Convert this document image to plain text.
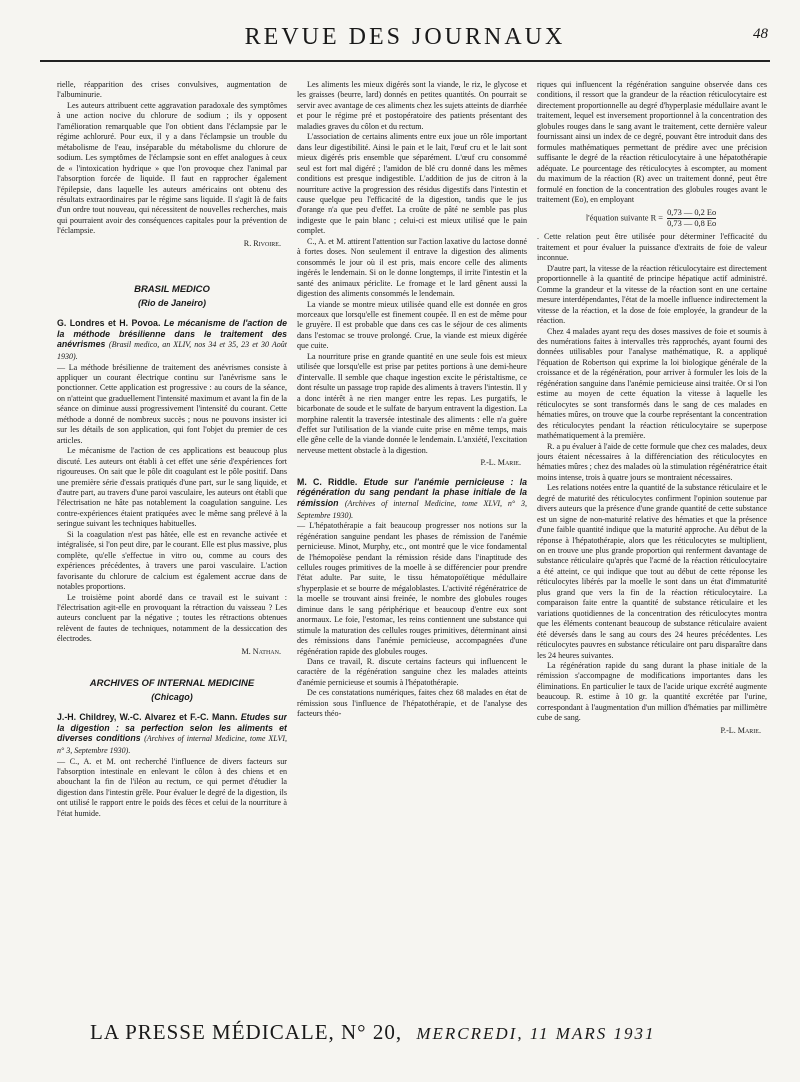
REVUE DES JOURNAUX	48

rielle, réapparition des crises convulsives, augmentation de l'albuminurie.

Les auteurs attribuent cette aggravation paradoxale des symptômes à une action nocive du chlorure de sodium ; ils y opposent l'amélioration remarquable que l'on obtient dans l'éclampsie par le régime achloruré. Pour eux, il y a dans l'éclampsie un trouble du métabolisme de l'eau, inséparable du métabolisme du chlorure de sodium. Les symptômes de l'éclampsie sont en effet analogues à ceux de « l'intoxication hydrique » que l'on provoque chez l'animal par l'absorption forcée de liquide. Il faut en rapprocher également l'épilepsie, dans laquelle les auteurs américains ont obtenu des résultats extraordinaires par le régime sans liquide. Il s'agit là de faits d'un ordre tout nouveau, qui nécessitent de nouvelles recherches, mais qui pourraient avoir des conséquences capitales pour la prévention de l'éclampsie.

R. Rivoire.
BRASIL MEDICO
(Rio de Janeiro)
G. Londres et H. Povoa. Le mécanisme de l'action de la méthode brésilienne dans le traitement des anévrismes (Brasil medico, an XLIV, nos 34 et 35, 23 et 30 Août 1930).

— La méthode brésilienne de traitement des anévrismes consiste à appliquer un courant électrique continu sur l'anévrisme sans le ponctionner. Cette application est progressive : au cours de la séance, on n'atteint que graduellement l'intensité maximum et avant la fin de la séance on diminue aussi progressivement l'intensité du courant. Cette méthode a donné de nombreux succès ; nous ne pouvons insister ici sur les détails de son application, qui font l'objet du premier de ces articles.

Le mécanisme de l'action de ces applications est beaucoup plus discuté. Les auteurs ont établi à cet effet une série d'expériences fort rigoureuses. On sait que le pôle dit coagulant est le pôle positif. Dans une première série d'essais pratiqués d'une part, sur le sang liquide, et d'autre part, au travers d'une paroi vasculaire, les auteurs ont établi que l'électrisation ne hâte pas notablement la coagulation sanguine. Les contre-expériences étaient pratiquées avec le même sang prélevé à la seringue suivant les techniques habituelles.

Si la coagulation n'est pas hâtée, elle est en revanche activée et intégralisée, si l'on peut dire, par le courant. Elle est plus massive, plus complète, qu'elle s'effectue in vitro ou, comme au cours des expériences précédentes, à travers une paroi vasculaire. L'action favorisante du chlorure de calcium est également accrue dans de notables proportions.

Le troisième point abordé dans ce travail est le suivant : l'électrisation agit-elle en provoquant la rétraction du vaisseau ? Les auteurs concluent par la négative ; toutes les rétractions obtenues relèvent de fautes de techniques, notamment de la dessiccation des électrodes.

M. Nathan.
ARCHIVES OF INTERNAL MEDICINE
(Chicago)
J.-H. Childrey, W.-C. Alvarez et F.-C. Mann. Etudes sur la digestion : sa perfection selon les aliments et diverses conditions (Archives of internal Medicine, tome XLVI, n° 3, Septembre 1930).

— C., A. et M. ont recherché l'influence de divers facteurs sur l'absorption intestinale en enlevant le côlon à des chiens et en abouchant la fin de l'iléon au rectum, ce qui permet d'étudier la digestion dans l'intestin grêle. Pour évaluer le degré de la digestion, ils ont utilisé le rapport entre le poids des fèces et celui de la nourriture à l'état humide.

Les aliments les mieux digérés sont la viande, le riz, le glycose et les graisses (beurre, lard) donnés en petites quantités. On pourrait se servir avec avantage de ces aliments chez les sujets atteints de diarrhée et pour le régime pré et postopératoire des patients présentant des maladies graves du côlon et du rectum.

L'association de certains aliments entre eux joue un rôle important dans leur digestibilité. Ainsi le pain et le lait, l'œuf cru et le lait sont mieux digérés pris ensemble que séparément. L'œuf cru consommé seul est fort mal digéré ; l'amidon de blé cru donné dans les mêmes conditions est presque indigestible. L'addition de jus de citron à la nourriture active la progression des résidus digestifs dans l'intestin et cause quelque peu l'efficacité de la digestion, tandis que le jus d'orange n'a que peu d'effet. La croûte de pâté ne semble pas plus indigeste que le pain blanc ; celui-ci est mieux utilisé que le pain complet.

C., A. et M. attirent l'attention sur l'action laxative du lactose donné à fortes doses. Non seulement il entrave la digestion des aliments consommés le jour où il est pris, mais encore celle des aliments ingérés le lendemain. Si on le donne longtemps, il irrite l'intestin et la santé des animaux périclite. Le fromage et le lard gênent aussi la digestion des aliments consommés le lendemain.

La viande se montre mieux utilisée quand elle est donnée en gros morceaux que lorsqu'elle est finement coupée. Il en est de même pour le gruyère. Il est probable que dans ces cas le séjour de ces aliments dans l'estomac se trouve prolongé. Crue, la viande est mieux digérée que cuite.

La nourriture prise en grande quantité en une seule fois est mieux utilisée que lorsqu'elle est prise par petites portions à une demi-heure d'intervalle. Il semble que chaque ingestion excite le péristaltisme, ce dont résulte un passage trop rapide des aliments à travers l'intestin. Il y a donc intérêt à ne rien manger entre les repas. Les purgatifs, le bicarbonate de soude et le sulfate de baryum entravent la digestion. La morphine ralentit la traversée intestinale des aliments : elle n'a guère d'effet sur l'utilisation de la viande cuite prise en même temps, mais elle gêne celle de la viande donnée le lendemain. L'anxiété, l'excitation nerveuse mettent obstacle à la digestion.

P.-L. Marie.
M. C. Riddle. Etude sur l'anémie pernicieuse : la régénération du sang pendant la phase initiale de la rémission (Archives of internal Medicine, tome XLVI, n° 3, Septembre 1930).

— L'hépatothérapie a fait beaucoup progresser nos notions sur la régénération sanguine pendant les phases de rémission de l'anémie pernicieuse. Minot, Murphy, etc., ont montré que le vice fondamental de l'hémopoïèse pendant la rémission réside dans l'inaptitude des cellules rouges primitives de la moelle à se différencier pour prendre l'état adulte. Par suite, le tissu hématopoïétique médullaire s'hyperplasie et se bourre de mégaloblastes. L'activité régénératrice de la moelle se trouvant ainsi freinée, le nombre des globules rouges diminue dans le sang périphérique et beaucoup d'entre eux sont anormaux. Le foie, l'estomac, les reins contiennent une substance qui stimule la maturation des cellules rouges primitives, déterminant ainsi des rémissions dans l'anémie pernicieuse, accompagnées d'une régénération rapide des globules rouges.

Dans ce travail, R. discute certains facteurs qui influencent le caractère de la régénération sanguine chez les malades atteints d'anémie pernicieuse et soumis à l'hépatothérapie.

De ces constatations numériques, faites chez 68 malades en état de rémission sous l'influence de l'hépatothérapie, et de l'analyse des facteurs théo-

riques qui influencent la régénération sanguine observée dans ces conditions, il ressort que la grandeur de la réaction réticulocytaire est directement proportionnelle au degré d'hyperplasie médullaire avant le traitement, lequel est inversement proportionnel à la concentration des globules rouges dans le sang avant le traitement, cette dernière valeur fournissant ainsi un index de ce degré, pouvant être introduit dans des formules mathématiques permettant de prédire avec une précision suffisante le degré de la réaction réticulocytaire à une hépatothérapie adéquate. Le pourcentage des réticulocytes à escompter, au moment du maximum de la réaction (R) avec un traitement donné, peut être formulé en fonction de la concentration des globules rouges avant le traitement (Eo), en employant

l'équation suivante $R = \frac{0,73 — 0,2 Eo}{0,73 — 0,8 Eo}$

. Cette relation peut être utilisée pour déterminer l'efficacité du traitement et pour évaluer la puissance d'extraits de foie de valeur inconnue.

D'autre part, la vitesse de la réaction réticulocytaire est directement proportionnelle à la quantité de principe hépatique actif administré. Comme la grandeur et la vitesse de la réaction sont en une certaine mesure interdépendantes, l'état de la moelle influence indirectement la vitesse de la réaction, et la dose de foie employée, la grandeur de la réaction.

Chez 4 malades ayant reçu des doses massives de foie et soumis à des numérations faites à intervalles très rapprochés, ayant fourni des données utilisables pour l'analyse mathématique, R. a appliqué l'équation de Robertson qui exprime la loi biologique générale de la croissance et de la régénération, pour arriver à formuler les lois de la régénération sanguine dans l'anémie pernicieuse ainsi traitée. Or si l'on estime au moyen de cette équation la vitesse à laquelle les réticulocytes se sont transformés dans le sang de ces malades en hématies mûres, on trouve que la courbe représentant la concentration des réticulocytes pendant la réaction réticulocytaire se superpose mathématiquement à la première.

R. a pu évaluer à l'aide de cette formule que chez ces malades, deux jours étaient nécessaires à la différenciation des réticulocytes en hématies mûres ; chez des malades où la stimulation régénératrice était moins intense, trois à quatre jours se montraient nécessaires.

Les relations notées entre la quantité de la substance réticulaire et le degré de maturité des réticulocytes confirment l'opinion soutenue par divers auteurs que la présence d'une grande quantité de cette substance est un signe de non-maturité relative des hématies et que la présence d'une faible quantité indique que la maturité approche. Au début de la réponse à l'hépatothérapie, alors que les réticulocytes se multiplient, on en trouve une plus grande proportion qui renferment davantage de substance réticulaire qu'après que l'acmé de la réaction réticulocytaire a été atteint, ce qui indique que tout au début de cette réponse les réticulocytes libérés par la moelle le sont dans un état d'immaturité plus grand que vers la fin de la réaction réticulocytaire. La comparaison faite entre la quantité de substance réticulaire et les variations quotidiennes de la concentration des réticulocytes montra que les éléments contenant beaucoup de substance réticulaire avaient été déversés dans le sang au cours des 24 heures précédentes. Les réticulocytes pauvres en substance réticulaire ont paru disparaître dans les 24 heures suivantes.

La régénération rapide du sang durant la phase initiale de la rémission s'accompagne de modifications importantes dans les éliminations. En particulier le taux de l'acide urique excrété augmente beaucoup. R. estime à 10 gr. la quantité excrétée par l'urine, correspondant à l'augmentation d'un million d'hématies par millimètre cube de sang.

P.-L. Marie.
LA PRESSE MÉDICALE, N° 20, MERCREDI, 11 MARS 1931
